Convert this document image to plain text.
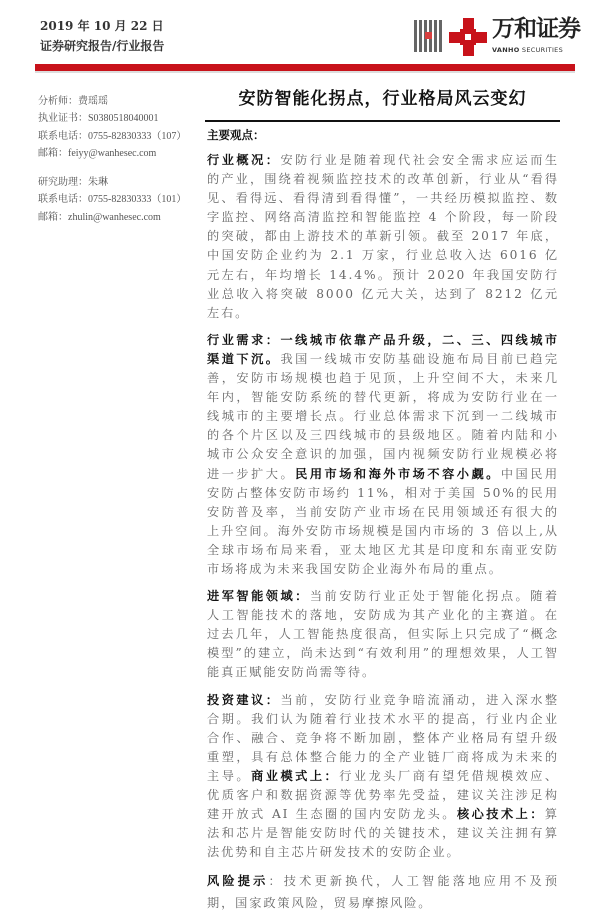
2019 年 10 月 22 日
证券研究报告/行业报告
万和证券
VANHO SECURITIES
分析师：费瑶瑶
执业证书：S0380518040001
联系电话：0755-82830333（107）
邮箱：feiyy@wanhesec.com
研究助理：朱琳
联系电话：0755-82830333（101）
邮箱：zhulin@wanhesec.com
安防智能化拐点，行业格局风云变幻
主要观点：

行业概况：安防行业是随着现代社会安全需求应运而生的产业，围绕着视频监控技术的改革创新，行业从“看得见、看得远、看得清到看得懂”，一共经历模拟监控、数字监控、网络高清监控和智能监控 4 个阶段，每一阶段的突破，都由上游技术的革新引领。截至 2017 年底，中国安防企业约为 2.1 万家，行业总收入达 6016 亿元左右，年均增长 14.4%。预计 2020 年我国安防行业总收入将突破 8000 亿元大关，达到了 8212 亿元左右。

行业需求：一线城市依靠产品升级，二、三、四线城市渠道下沉。我国一线城市安防基础设施布局目前已趋完善，安防市场规模也趋于见顶，上升空间不大，未来几年内，智能安防系统的替代更新，将成为安防行业在一线城市的主要增长点。行业总体需求下沉到一二线城市的各个片区以及三四线城市的县级地区。随着内陆和小城市公众安全意识的加强，国内视频安防行业规模必将进一步扩大。民用市场和海外市场不容小觑。中国民用安防占整体安防市场约 11%，相对于美国 50%的民用安防普及率，当前安防产业市场在民用领域还有很大的上升空间。海外安防市场规模是国内市场的 3 倍以上,从全球市场布局来看，亚太地区尤其是印度和东南亚安防市场将成为未来我国安防企业海外布局的重点。

进军智能领域：当前安防行业正处于智能化拐点。随着人工智能技术的落地，安防成为其产业化的主赛道。在过去几年，人工智能热度很高，但实际上只完成了“概念模型”的建立，尚未达到“有效利用”的理想效果，人工智能真正赋能安防尚需等待。

投资建议：当前，安防行业竞争暗流涌动，进入深水整合期。我们认为随着行业技术水平的提高，行业内企业合作、融合、竞争将不断加剧，整体产业格局有望升级重塑，具有总体整合能力的全产业链厂商将成为未来的主导。商业模式上：行业龙头厂商有望凭借规模效应、优质客户和数据资源等优势率先受益，建议关注涉足构建开放式 AI 生态圈的国内安防龙头。核心技术上：算法和芯片是智能安防时代的关键技术，建议关注拥有算法优势和自主芯片研发技术的安防企业。

风险提示：技术更新换代，人工智能落地应用不及预期，国家政策风险，贸易摩擦风险。
